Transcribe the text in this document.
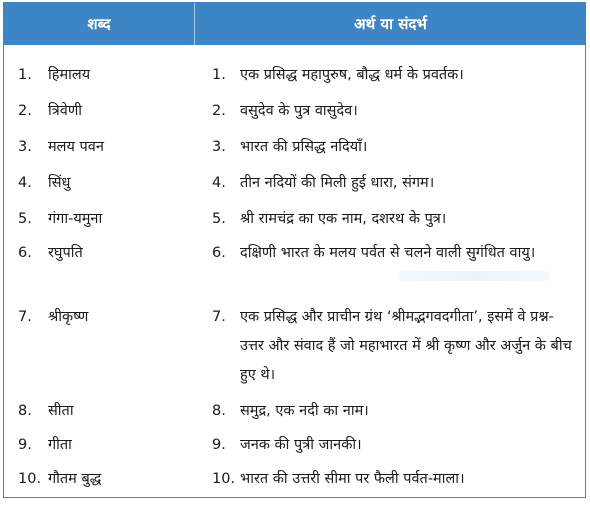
शब्द	अर्थ या संदर्भ
1. हिमालय	1. एक प्रसिद्ध महापुरुष, बौद्ध धर्म के प्रवर्तक।
2. त्रिवेणी	2. वसुदेव के पुत्र वासुदेव।
3. मलय पवन	3. भारत की प्रसिद्ध नदियाँ।
4. सिंधु	4. तीन नदियों की मिली हुई धारा, संगम।
5. गंगा-यमुना	5. श्री रामचंद्र का एक नाम, दशरथ के पुत्र।
6. रघुपति	6. दक्षिणी भारत के मलय पर्वत से चलने वाली सुगंधित वायु।
7. श्रीकृष्ण	7. एक प्रसिद्ध और प्राचीन ग्रंथ ‘श्रीमद्भगवदगीता’, इसमें वे प्रश्न-उत्तर और संवाद हैं जो महाभारत में श्री कृष्ण और अर्जुन के बीच हुए थे।
8. सीता	8. समुद्र, एक नदी का नाम।
9. गीता	9. जनक की पुत्री जानकी।
10. गौतम बुद्ध	10. भारत की उत्तरी सीमा पर फैली पर्वत-माला।
